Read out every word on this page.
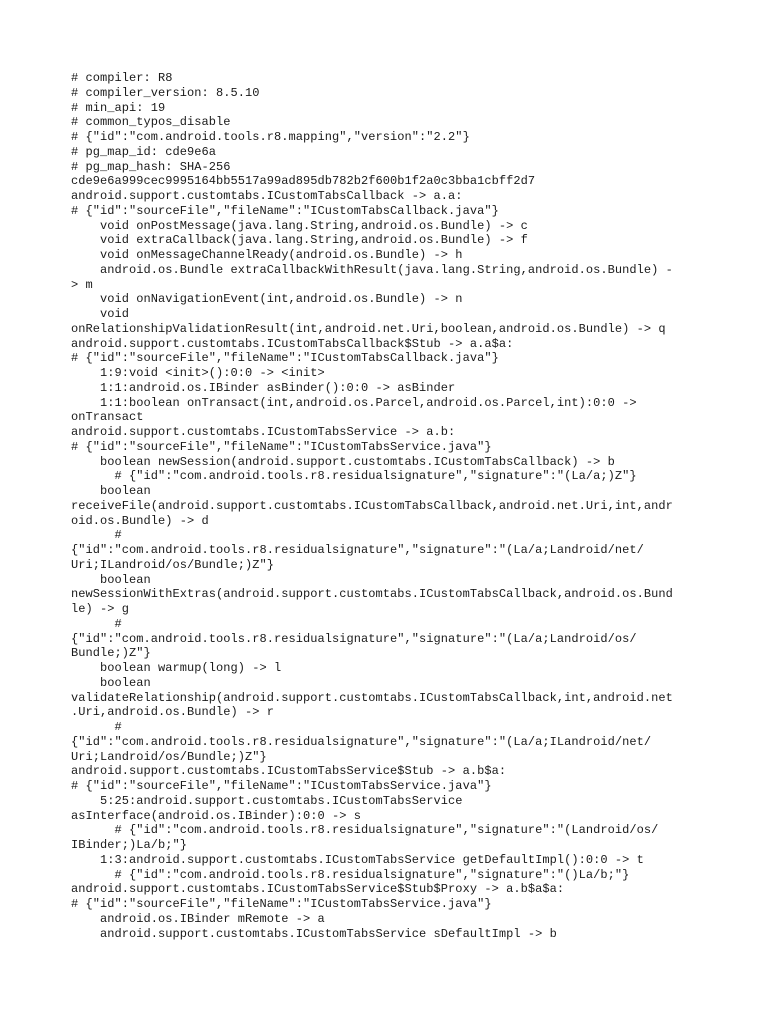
# compiler: R8
# compiler_version: 8.5.10
# min_api: 19
# common_typos_disable
# {"id":"com.android.tools.r8.mapping","version":"2.2"}
# pg_map_id: cde9e6a
# pg_map_hash: SHA-256
cde9e6a999cec9995164bb5517a99ad895db782b2f600b1f2a0c3bba1cbff2d7
android.support.customtabs.ICustomTabsCallback -> a.a:
# {"id":"sourceFile","fileName":"ICustomTabsCallback.java"}
void onPostMessage(java.lang.String,android.os.Bundle) -> c
void extraCallback(java.lang.String,android.os.Bundle) -> f
void onMessageChannelReady(android.os.Bundle) -> h
android.os.Bundle extraCallbackWithResult(java.lang.String,android.os.Bundle) -
> m
void onNavigationEvent(int,android.os.Bundle) -> n
void
onRelationshipValidationResult(int,android.net.Uri,boolean,android.os.Bundle) -> q
android.support.customtabs.ICustomTabsCallback$Stub -> a.a$a:
# {"id":"sourceFile","fileName":"ICustomTabsCallback.java"}
1:9:void <init>():0:0 -> <init>
1:1:android.os.IBinder asBinder():0:0 -> asBinder
1:1:boolean onTransact(int,android.os.Parcel,android.os.Parcel,int):0:0 ->
onTransact
android.support.customtabs.ICustomTabsService -> a.b:
# {"id":"sourceFile","fileName":"ICustomTabsService.java"}
boolean newSession(android.support.customtabs.ICustomTabsCallback) -> b
# {"id":"com.android.tools.r8.residualsignature","signature":"(La/a;)Z"}
boolean
receiveFile(android.support.customtabs.ICustomTabsCallback,android.net.Uri,int,andr
oid.os.Bundle) -> d
#
{"id":"com.android.tools.r8.residualsignature","signature":"(La/a;Landroid/net/
Uri;ILandroid/os/Bundle;)Z"}
boolean
newSessionWithExtras(android.support.customtabs.ICustomTabsCallback,android.os.Bund
le) -> g
#
{"id":"com.android.tools.r8.residualsignature","signature":"(La/a;Landroid/os/
Bundle;)Z"}
boolean warmup(long) -> l
boolean
validateRelationship(android.support.customtabs.ICustomTabsCallback,int,android.net
.Uri,android.os.Bundle) -> r
#
{"id":"com.android.tools.r8.residualsignature","signature":"(La/a;ILandroid/net/
Uri;Landroid/os/Bundle;)Z"}
android.support.customtabs.ICustomTabsService$Stub -> a.b$a:
# {"id":"sourceFile","fileName":"ICustomTabsService.java"}
5:25:android.support.customtabs.ICustomTabsService
asInterface(android.os.IBinder):0:0 -> s
# {"id":"com.android.tools.r8.residualsignature","signature":"(Landroid/os/
IBinder;)La/b;"}
1:3:android.support.customtabs.ICustomTabsService getDefaultImpl():0:0 -> t
# {"id":"com.android.tools.r8.residualsignature","signature":"()La/b;"}
android.support.customtabs.ICustomTabsService$Stub$Proxy -> a.b$a$a:
# {"id":"sourceFile","fileName":"ICustomTabsService.java"}
android.os.IBinder mRemote -> a
android.support.customtabs.ICustomTabsService sDefaultImpl -> b
